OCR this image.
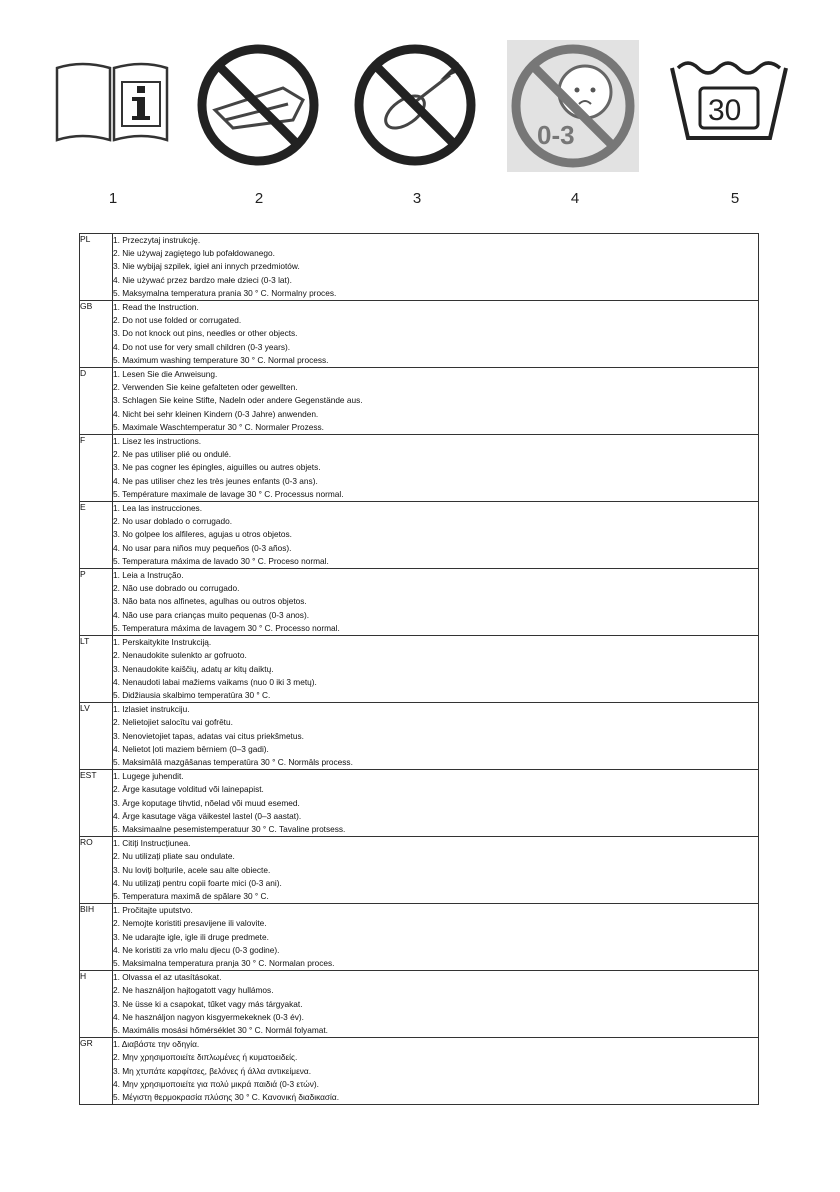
0-3
30
1	2	3	4	5
PL	1. Przeczytaj instrukcję.
2. Nie używaj zagiętego lub pofałdowanego.
3. Nie wybijaj szpilek, igieł ani innych przedmiotów.
4. Nie używać przez bardzo małe dzieci (0-3 lat).
5. Maksymalna temperatura prania 30 ° C. Normalny proces.

GB	1. Read the Instruction.
2. Do not use folded or corrugated.
3. Do not knock out pins, needles or other objects.
4. Do not use for very small children (0-3 years).
5. Maximum washing temperature 30 ° C. Normal process.

D	1. Lesen Sie die Anweisung.
2. Verwenden Sie keine gefalteten oder gewellten.
3. Schlagen Sie keine Stifte, Nadeln oder andere Gegenstände aus.
4. Nicht bei sehr kleinen Kindern (0-3 Jahre) anwenden.
5. Maximale Waschtemperatur 30 ° C. Normaler Prozess.

F	1. Lisez les instructions.
2. Ne pas utiliser plié ou ondulé.
3. Ne pas cogner les épingles, aiguilles ou autres objets.
4. Ne pas utiliser chez les très jeunes enfants (0-3 ans).
5. Température maximale de lavage 30 ° C. Processus normal.

E	1. Lea las instrucciones.
2. No usar doblado o corrugado.
3. No golpee los alfileres, agujas u otros objetos.
4. No usar para niños muy pequeños (0-3 años).
5. Temperatura máxima de lavado 30 ° C. Proceso normal.

P	1. Leia a Instrução.
2. Não use dobrado ou corrugado.
3. Não bata nos alfinetes, agulhas ou outros objetos.
4. Não use para crianças muito pequenas (0-3 anos).
5. Temperatura máxima de lavagem 30 ° C. Processo normal.

LT	1. Perskaitykite Instrukciją.
2. Nenaudokite sulenkto ar gofruoto.
3. Nenaudokite kaiščių, adatų ar kitų daiktų.
4. Nenaudoti labai mažiems vaikams (nuo 0 iki 3 metų).
5. Didžiausia skalbimo temperatūra 30 ° C.

LV	1. Izlasiet instrukciju.
2. Nelietojiet salocītu vai gofrētu.
3. Nenovietojiet tapas, adatas vai citus priekšmetus.
4. Nelietot ļoti maziem bērniem (0–3 gadi).
5. Maksimālā mazgāšanas temperatūra 30 ° C. Normāls process.

EST	1. Lugege juhendit.
2. Ärge kasutage volditud või lainepapist.
3. Ärge koputage tihvtid, nõelad või muud esemed.
4. Ärge kasutage väga väikestel lastel (0–3 aastat).
5. Maksimaalne pesemistemperatuur 30 ° C. Tavaline protsess.

RO	1. Citiți Instrucțiunea.
2. Nu utilizați pliate sau ondulate.
3. Nu loviți bolțurile, acele sau alte obiecte.
4. Nu utilizați pentru copii foarte mici (0-3 ani).
5. Temperatura maximă de spălare 30 ° C.

BIH	1. Pročitajte uputstvo.
2. Nemojte koristiti presavijene ili valovite.
3. Ne udarajte igle, igle ili druge predmete.
4. Ne koristiti za vrlo malu djecu (0-3 godine).
5. Maksimalna temperatura pranja 30 ° C. Normalan proces.

H	1. Olvassa el az utasításokat.
2. Ne használjon hajtogatott vagy hullámos.
3. Ne üsse ki a csapokat, tűket vagy más tárgyakat.
4. Ne használjon nagyon kisgyermekeknek (0-3 év).
5. Maximális mosási hőmérséklet 30 ° C. Normál folyamat.

GR	1. Διαβάστε την οδηγία.
2. Μην χρησιμοποιείτε διπλωμένες ή κυματοειδείς.
3. Μη χτυπάτε καρφίτσες, βελόνες ή άλλα αντικείμενα.
4. Μην χρησιμοποιείτε για πολύ μικρά παιδιά (0-3 ετών).
5. Μέγιστη θερμοκρασία πλύσης 30 ° C. Κανονική διαδικασία.
